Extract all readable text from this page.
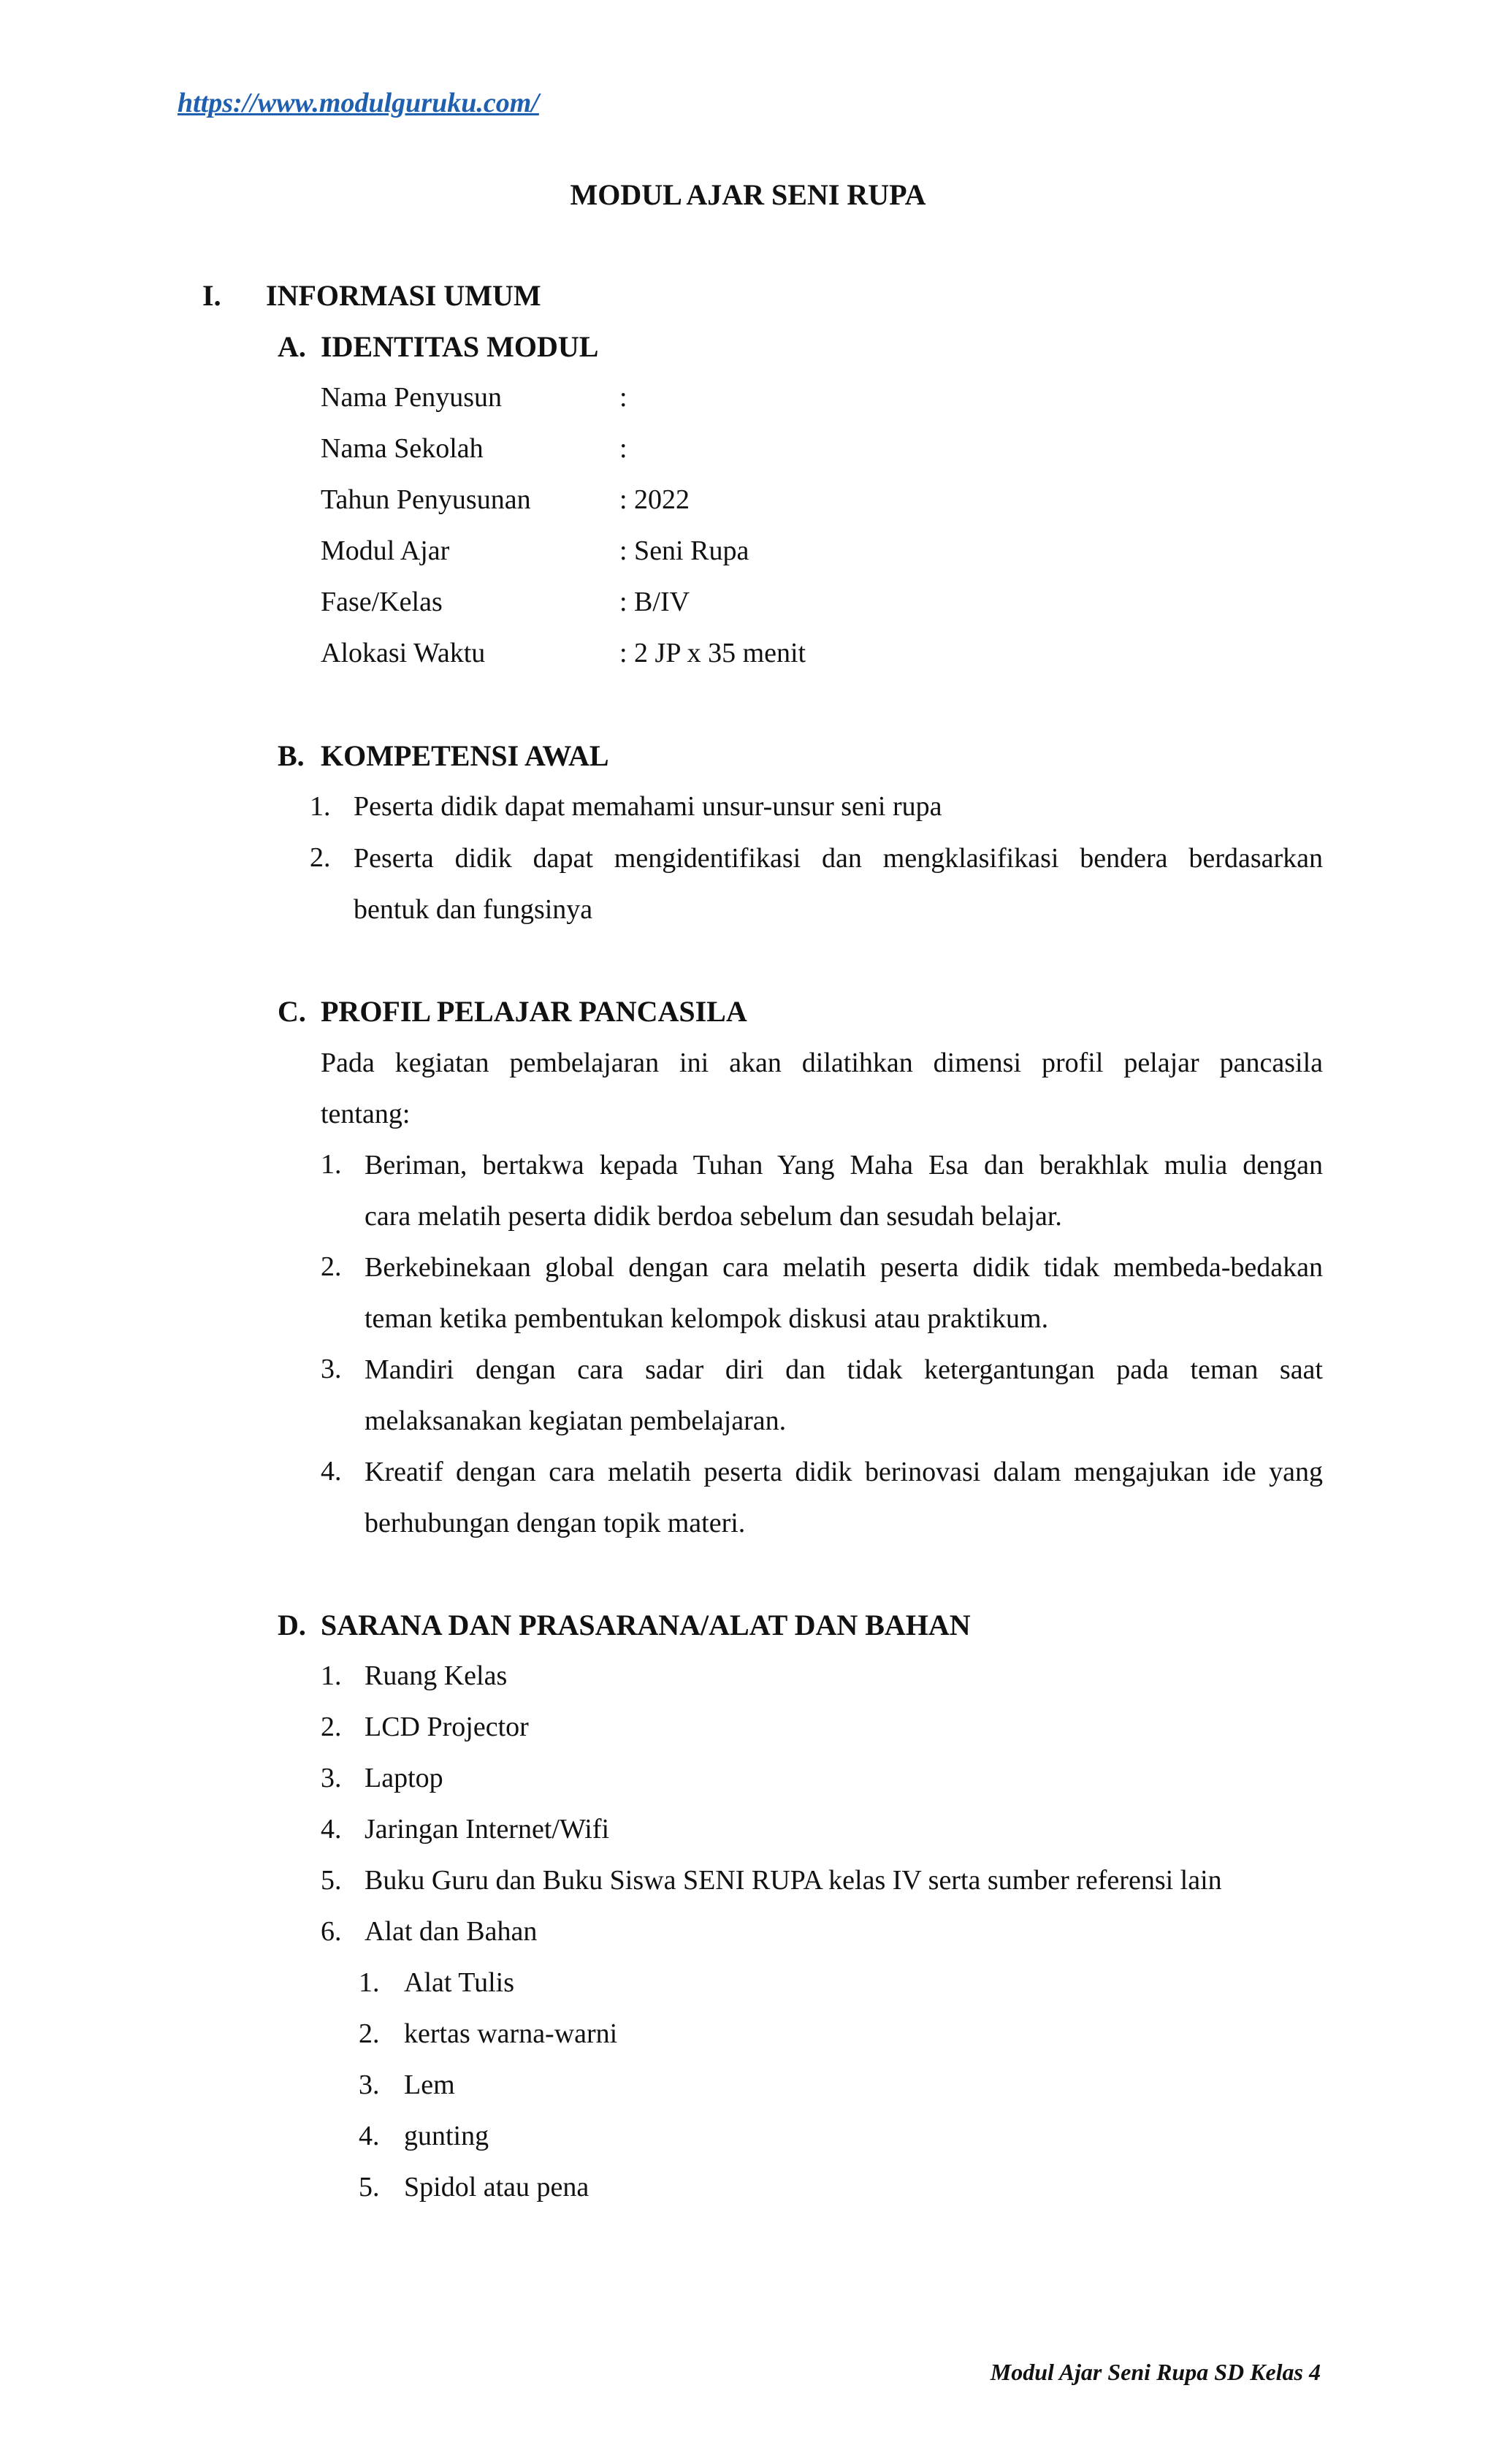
https://www.modulguruku.com/
MODUL AJAR SENI RUPA
I. INFORMASI UMUM
A. IDENTITAS MODUL
Nama Penyusun	:
Nama Sekolah	:
Tahun Penyusunan	: 2022
Modul Ajar	: Seni Rupa
Fase/Kelas	: B/IV
Alokasi Waktu	: 2 JP x 35 menit
B. KOMPETENSI AWAL
1. Peserta didik dapat memahami unsur-unsur seni rupa
2. Peserta didik dapat mengidentifikasi dan mengklasifikasi bendera berdasarkan
bentuk dan fungsinya
C. PROFIL PELAJAR PANCASILA
Pada kegiatan pembelajaran ini akan dilatihkan dimensi profil pelajar pancasila
tentang:
1. Beriman, bertakwa kepada Tuhan Yang Maha Esa dan berakhlak mulia dengan
cara melatih peserta didik berdoa sebelum dan sesudah belajar.
2. Berkebinekaan global dengan cara melatih peserta didik tidak membeda-bedakan
teman ketika pembentukan kelompok diskusi atau praktikum.
3. Mandiri dengan cara sadar diri dan tidak ketergantungan pada teman saat
melaksanakan kegiatan pembelajaran.
4. Kreatif dengan cara melatih peserta didik berinovasi dalam mengajukan ide yang
berhubungan dengan topik materi.
D. SARANA DAN PRASARANA/ALAT DAN BAHAN
1. Ruang Kelas
2. LCD Projector
3. Laptop
4. Jaringan Internet/Wifi
5. Buku Guru dan Buku Siswa SENI RUPA kelas IV serta sumber referensi lain
6. Alat dan Bahan
1. Alat Tulis
2. kertas warna-warni
3. Lem
4. gunting
5. Spidol atau pena
Modul Ajar Seni Rupa SD Kelas 4
